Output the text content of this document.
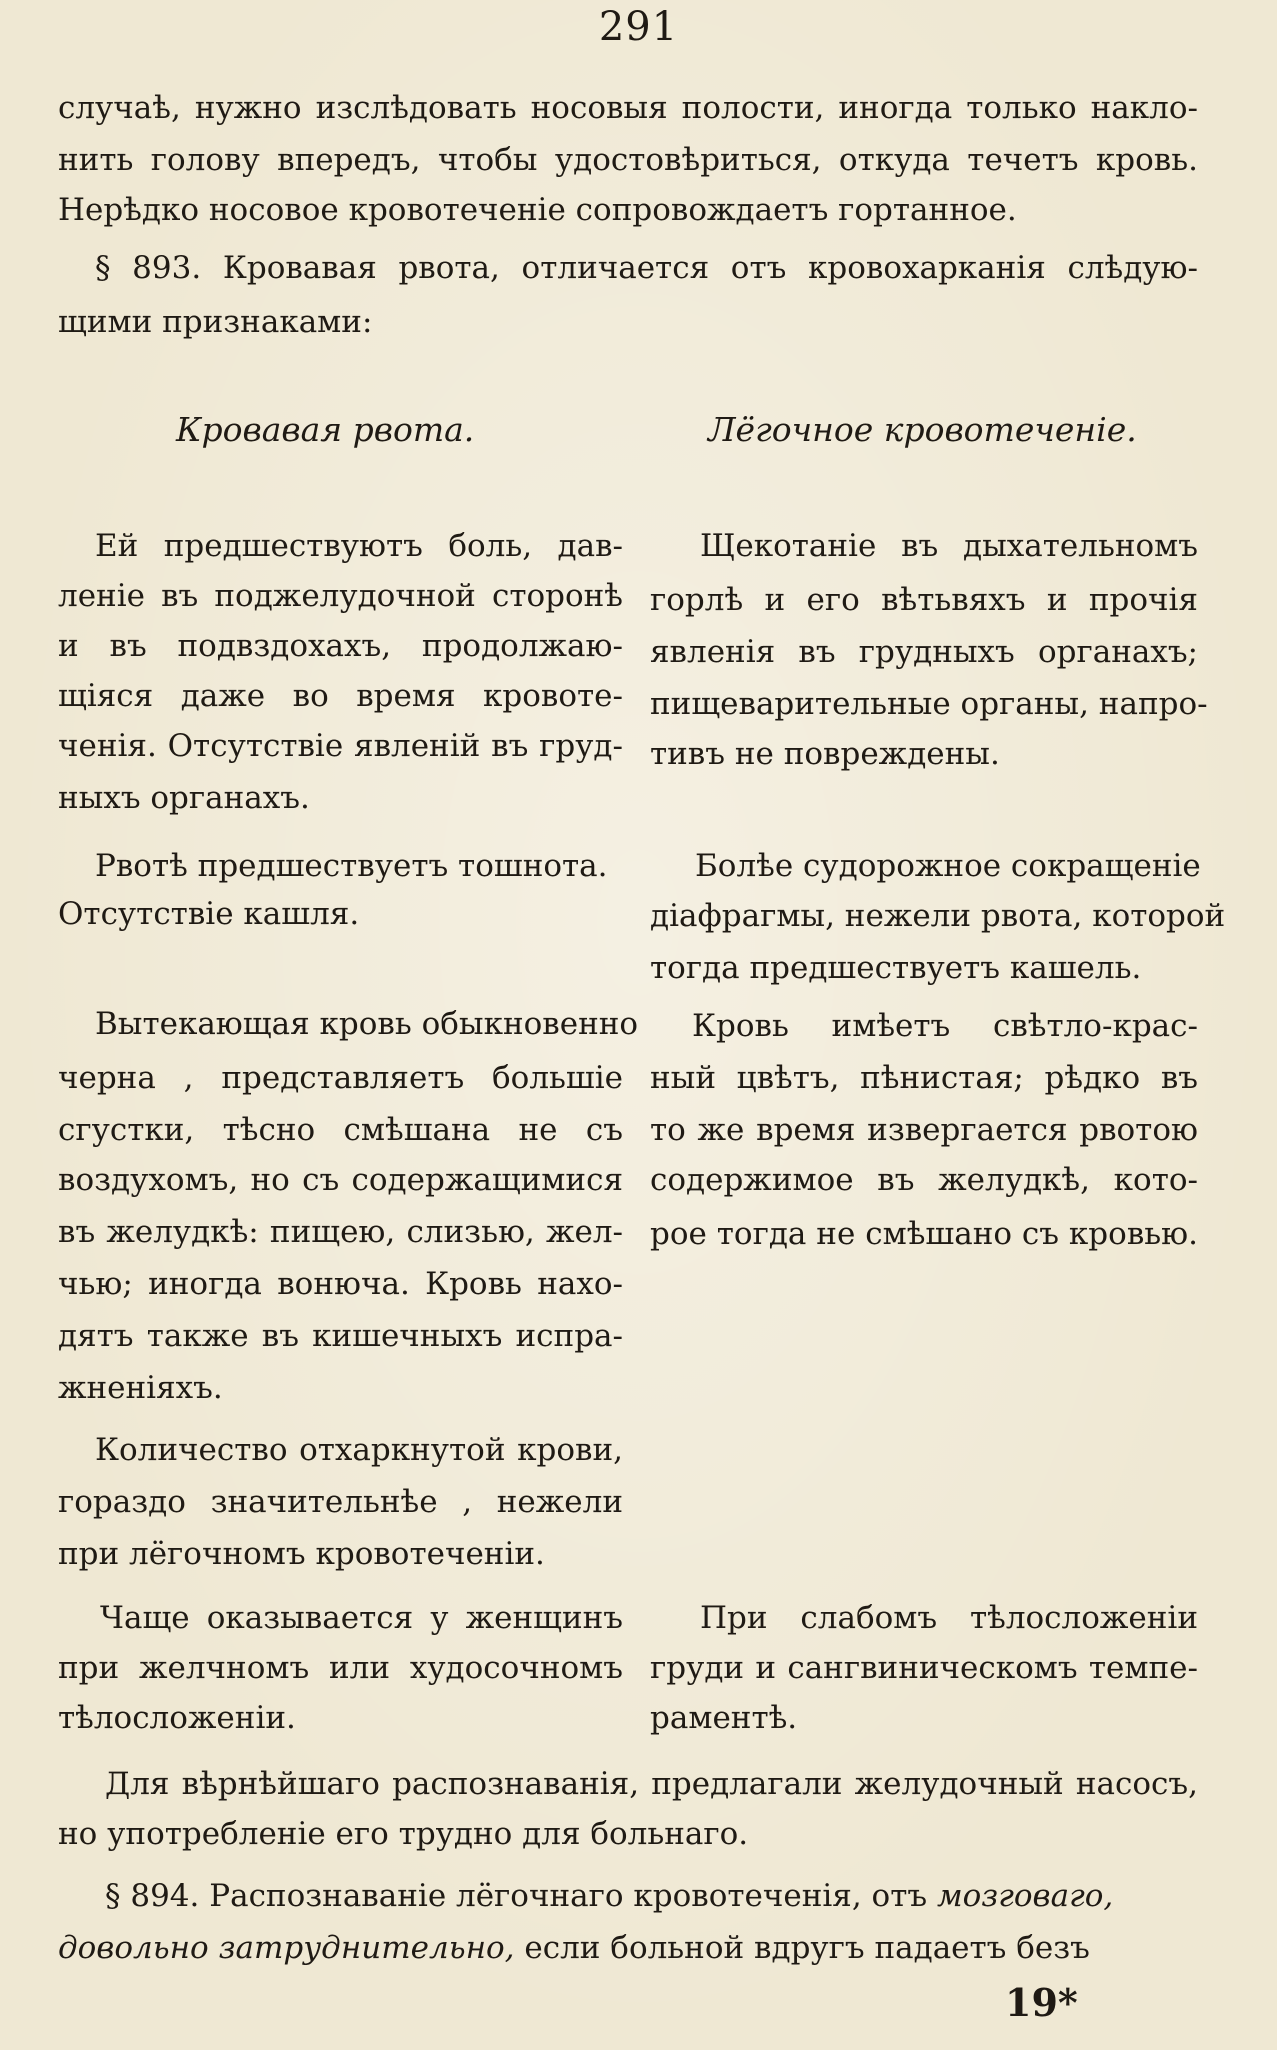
291
случаѣ, нужно изслѣдовать носовыя полости, иногда только накло-
нить голову впередъ, чтобы удостовѣриться, откуда течетъ кровь.
Нерѣдко носовое кровотеченіе сопровождаетъ гортанное.
§ 893. Кровавая рвота, отличается отъ кровохарканія слѣдую-
щими признаками:
Кровавая рвота.	Лёгочное кровотеченіе.
Ей предшествуютъ боль, дав-
леніе въ поджелудочной сторонѣ
и въ подвздохахъ, продолжаю-
щіяся даже во время кровоте-
ченія. Отсутствіе явленій въ груд-
ныхъ органахъ.
Рвотѣ предшествуетъ тошнота.
Отсутствіе кашля.
Вытекающая кровь обыкновенно
черна , представляетъ большіе
сгустки, тѣсно смѣшана не съ
воздухомъ, но съ содержащимися
въ желудкѣ: пищею, слизью, жел-
чью; иногда вонюча. Кровь нахо-
дятъ также въ кишечныхъ испра-
жненіяхъ.
Количество отхаркнутой крови,
гораздо значительнѣе , нежели
при лёгочномъ кровотеченіи.
Чаще оказывается у женщинъ
при желчномъ или худосочномъ
тѣлосложеніи.
Щекотаніе въ дыхательномъ
горлѣ и его вѣтьвяхъ и прочія
явленія въ грудныхъ органахъ;
пищеварительные органы, напро-
тивъ не повреждены.
Болѣе судорожное сокращеніе
діафрагмы, нежели рвота, которой
тогда предшествуетъ кашель.
Кровь имѣетъ свѣтло-крас-
ный цвѣтъ, пѣнистая; рѣдко въ
то же время извергается рвотою
содержимое въ желудкѣ, кото-
рое тогда не смѣшано съ кровью.
При слабомъ тѣлосложеніи
груди и сангвиническомъ темпе-
раментѣ.
Для вѣрнѣйшаго распознаванія, предлагали желудочный насосъ,
но употребленіе его трудно для больнаго.
§ 894. Распознаваніе лёгочнаго кровотеченія, отъ мозговаго,
довольно затруднительно, если больной вдругъ падаетъ безъ
19*
